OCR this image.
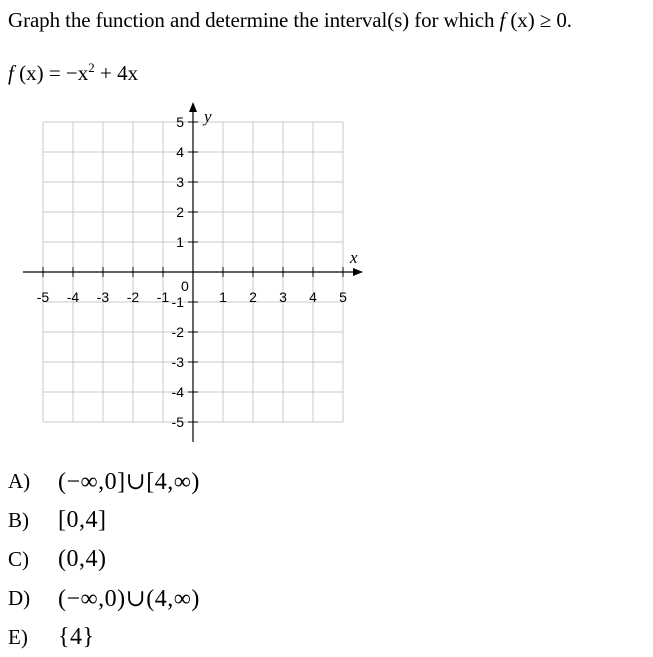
Graph the function and determine the interval(s) for which f (x) ≥ 0.
f $(x) = -x^2 + 4x$
-5 -4 -3 -2 -1	1 2 3 4 5
5
4
3
2
1
-1
-2
-3
-4
-5
x
y
0
A)	(−∞,0]∪[4,∞)
B)	[0,4]
C)	(0,4)
D)	(−∞,0)∪(4,∞)
E)	{4}
